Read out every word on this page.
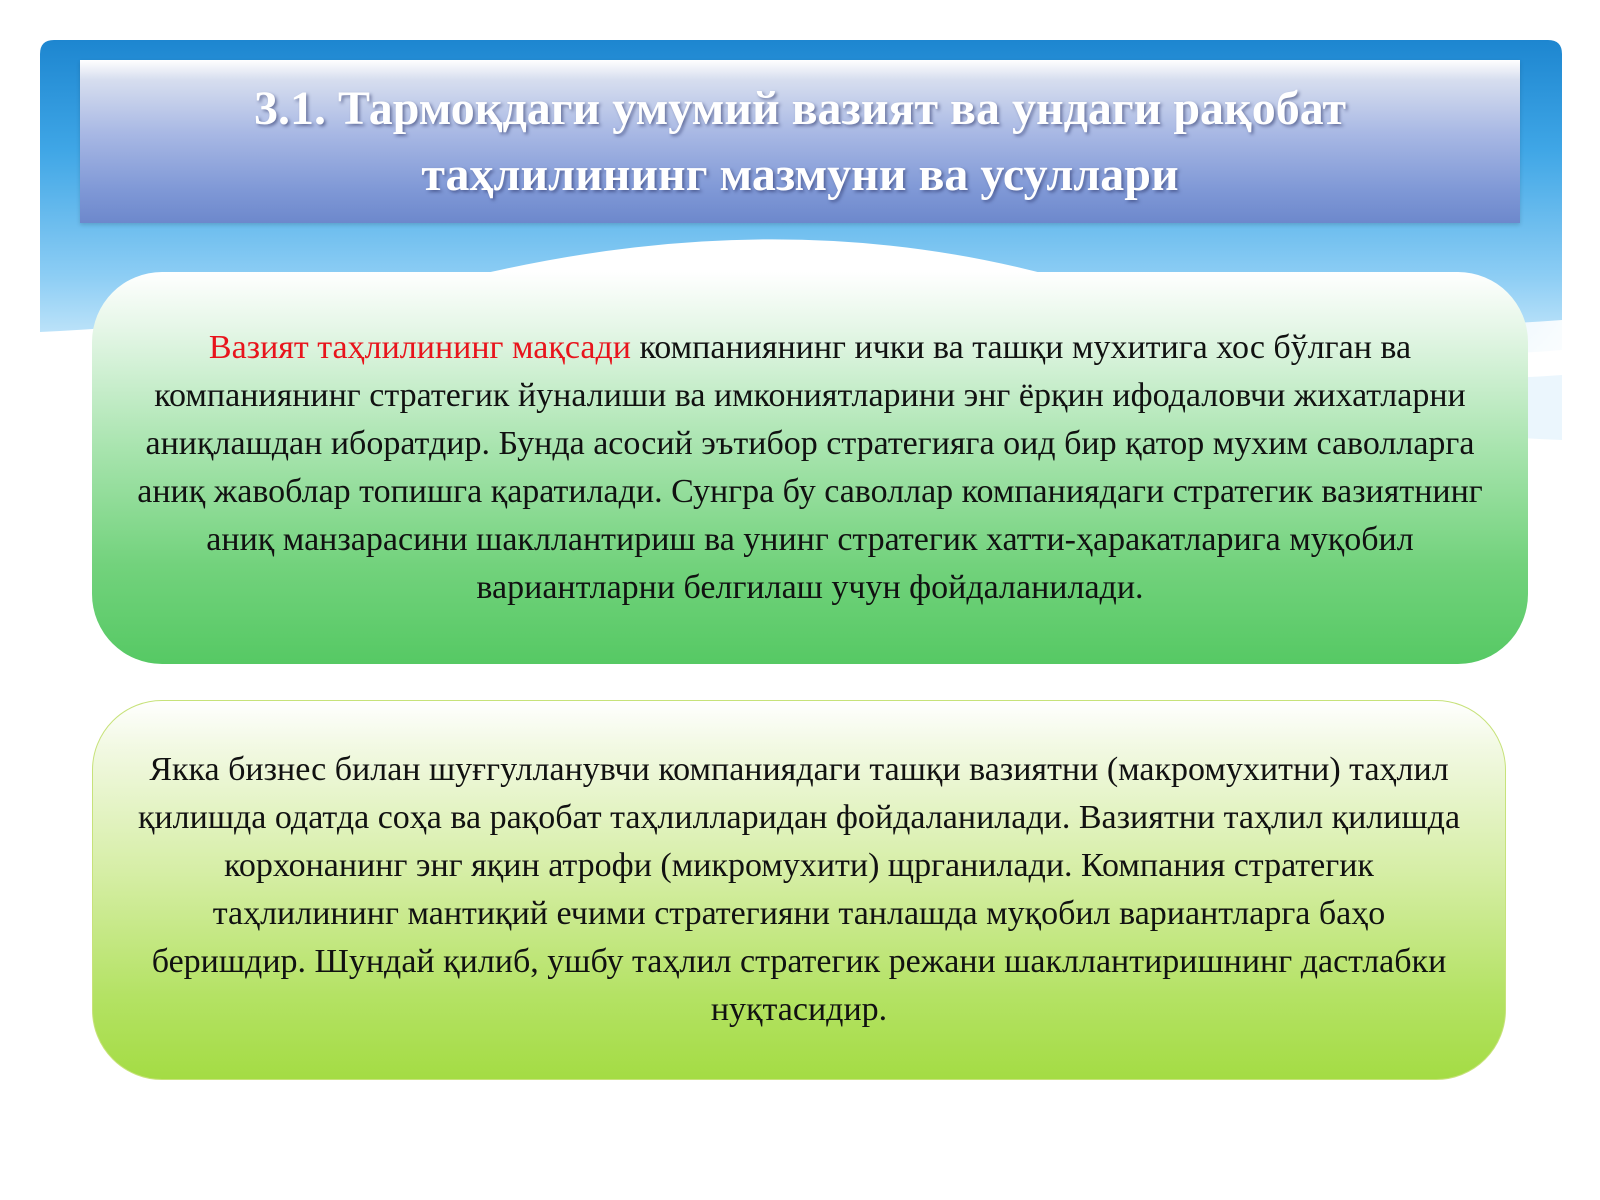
3.1. Тармоқдаги умумий вазият ва ундаги рақобат
таҳлилининг мазмуни ва усуллари

Вазият таҳлилининг мақсади компаниянинг ички ва ташқи мухитига хос бўлган ва компаниянинг стратегик йуналиши ва имкониятларини энг ёрқин ифодаловчи жихатларни аниқлашдан иборатдир. Бунда асосий эътибор стратегияга оид бир қатор мухим саволларга аниқ жавоблар топишга қаратилади. Сунгра бу саволлар компаниядаги стратегик вазиятнинг аниқ манзарасини шакллантириш ва унинг стратегик хатти-ҳаракатларига муқобил вариантларни белгилаш учун фойдаланилади.

Якка бизнес билан шуғгулланувчи компаниядаги ташқи вазиятни (макромухитни) таҳлил қилишда одатда соҳа ва рақобат таҳлилларидан фойдаланилади. Вазиятни таҳлил қилишда корхонанинг энг яқин атрофи (микромухити) щрганилади. Компания стратегик таҳлилининг мантиқий ечими стратегияни танлашда муқобил вариантларга баҳо беришдир. Шундай қилиб, ушбу таҳлил стратегик режани шакллантиришнинг дастлабки нуқтасидир.
